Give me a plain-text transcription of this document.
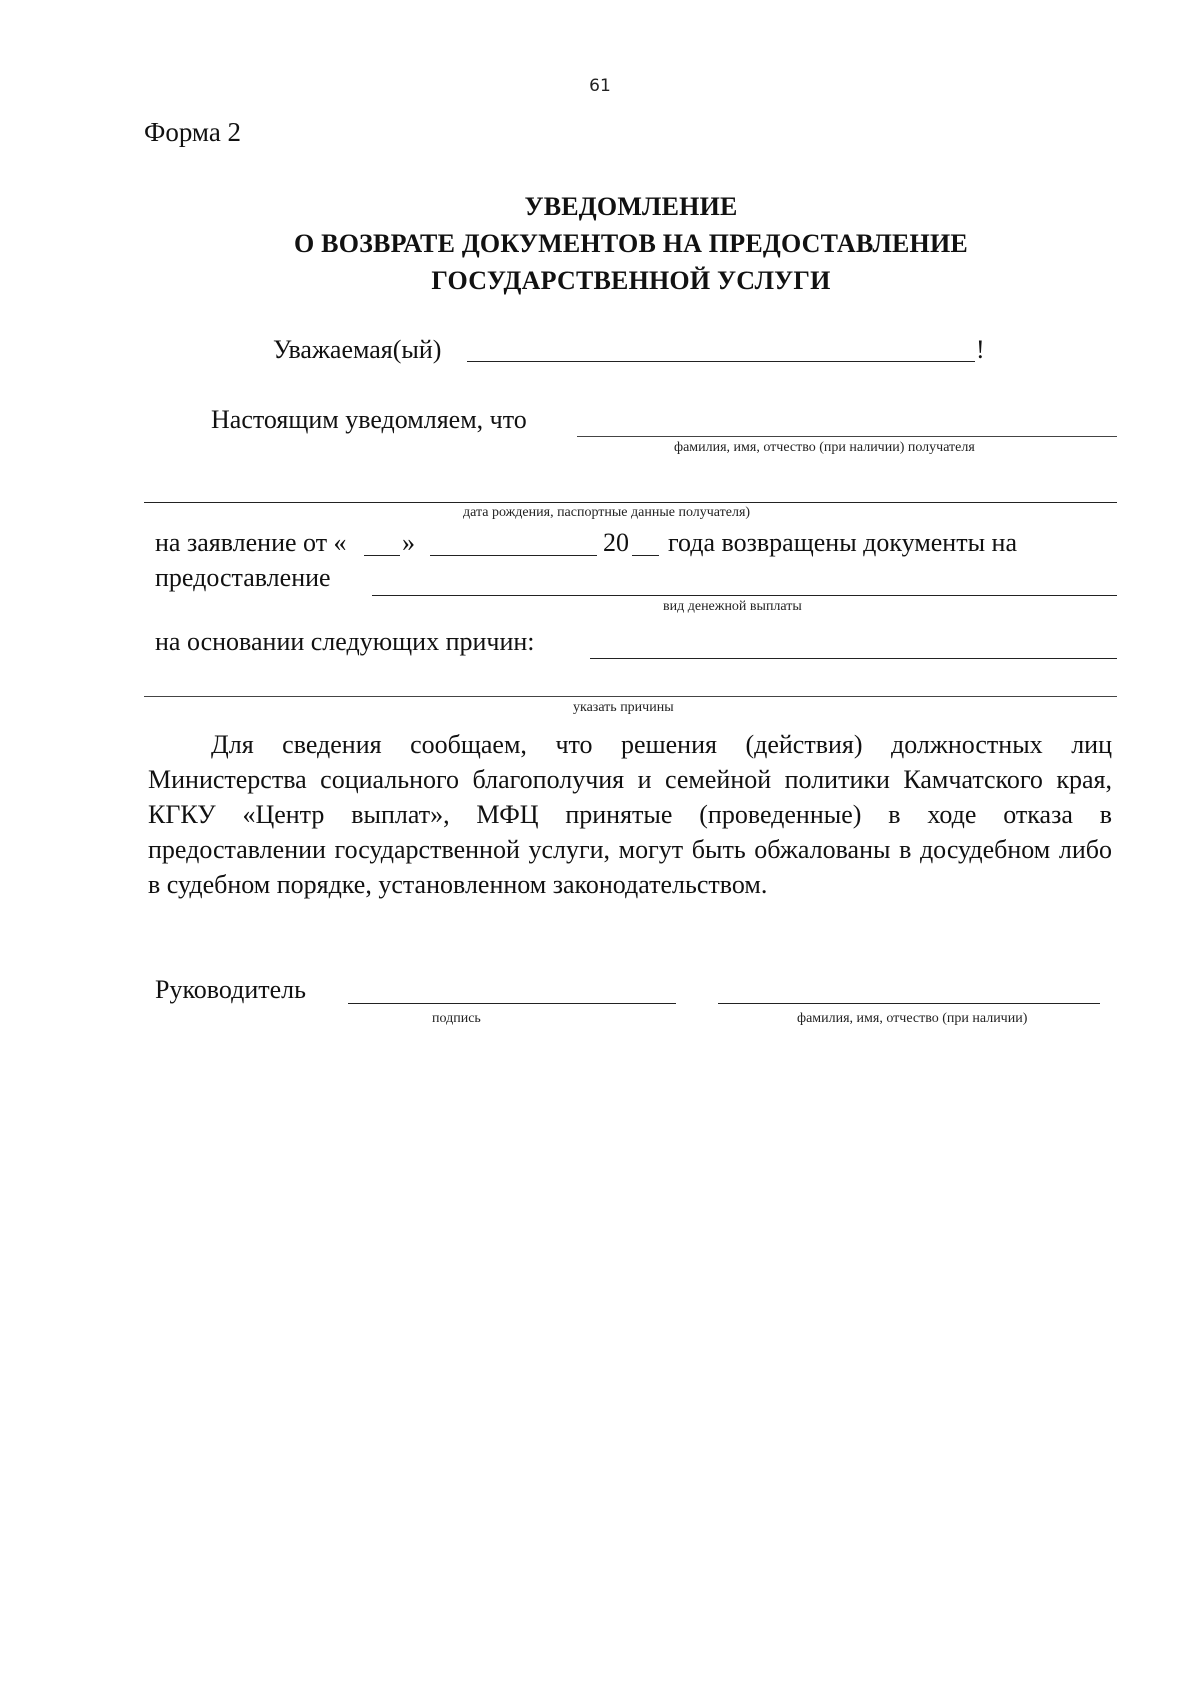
61
Форма 2
УВЕДОМЛЕНИЕ
О ВОЗВРАТЕ ДОКУМЕНТОВ НА ПРЕДОСТАВЛЕНИЕ
ГОСУДАРСТВЕННОЙ УСЛУГИ
Уважаемая(ый)	!
Настоящим уведомляем, что
фамилия, имя, отчество (при наличии) получателя
дата рождения, паспортные данные получателя)
на заявление от « »	20 года возвращены документы на
предоставление
вид денежной выплаты
на основании следующих причин:
указать причины
Для сведения сообщаем, что решения (действия) должностных лиц Министерства социального благополучия и семейной политики Камчатского края, КГКУ «Центр выплат», МФЦ принятые (проведенные) в ходе отказа в предоставлении государственной услуги, могут быть обжалованы в досудебном либо в судебном порядке, установленном законодательством.
Руководитель
подпись	фамилия, имя, отчество (при наличии)
